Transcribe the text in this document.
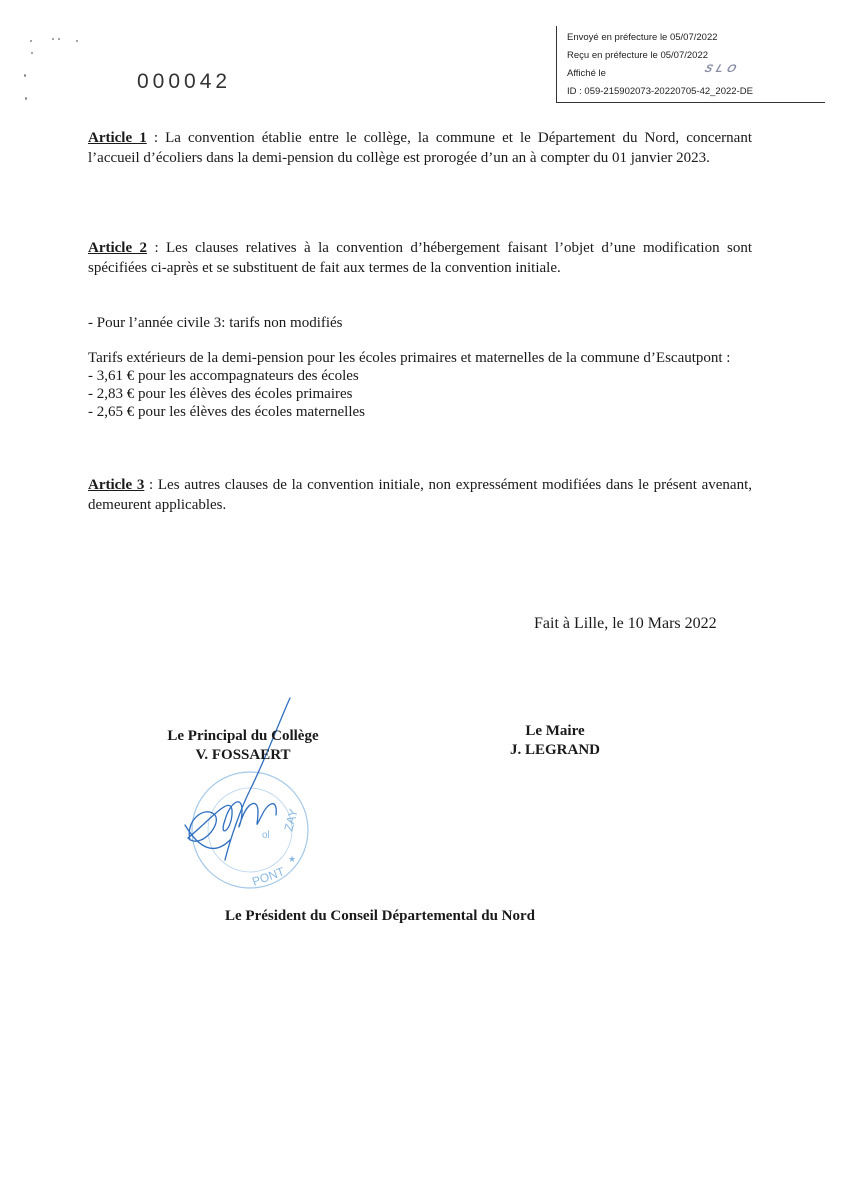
Envoyé en préfecture le 05/07/2022
Reçu en préfecture le 05/07/2022
Affiché le	SLO
ID : 059-215902073-20220705-42_2022-DE
000042
Article 1 : La convention établie entre le collège, la commune et le Département du Nord, concernant l’accueil d’écoliers dans la demi-pension du collège est prorogée d’un an à compter du 01 janvier 2023.
Article 2 : Les clauses relatives à la convention d’hébergement faisant l’objet d’une modification sont spécifiées ci-après et se substituent de fait aux termes de la convention initiale.
- Pour l’année civile 3: tarifs non modifiés
Tarifs extérieurs de la demi-pension pour les écoles primaires et maternelles de la commune d’Escautpont :
- 3,61 € pour les accompagnateurs des écoles
- 2,83 € pour les élèves des écoles primaires
- 2,65 € pour les élèves des écoles maternelles
Article 3 : Les autres clauses de la convention initiale, non expressément modifiées dans le présent avenant, demeurent applicables.
Fait à Lille, le 10 Mars 2022
ZAY
PONT
ol
★
Le Principal du Collège
V. FOSSAERT
Le Maire
J. LEGRAND
Le Président du Conseil Départemental du Nord
